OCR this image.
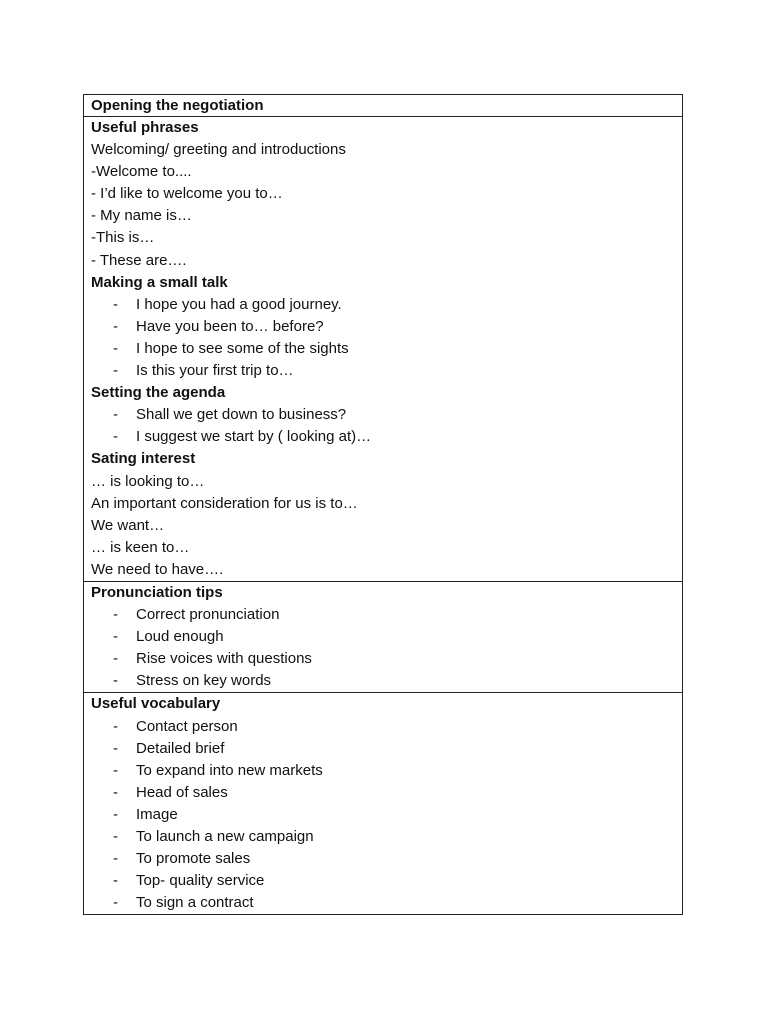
Opening the negotiation
Useful phrases
Welcoming/ greeting and introductions
-Welcome to....
- I’d like to welcome you to…
- My name is…
-This is…
- These are….
Making a small talk
- I hope you had a good journey.
- Have you been to… before?
- I hope to see some of the sights
- Is this your first trip to…
Setting the agenda
- Shall we get down to business?
- I suggest we start by ( looking at)…
Sating interest
… is looking to…
An important consideration for us is to…
We want…
… is keen to…
We need to have….
Pronunciation tips
- Correct pronunciation
- Loud enough
- Rise voices with questions
- Stress on key words
Useful vocabulary
- Contact person
- Detailed brief
- To expand into new markets
- Head of sales
- Image
- To launch a new campaign
- To promote sales
- Top- quality service
- To sign a contract
